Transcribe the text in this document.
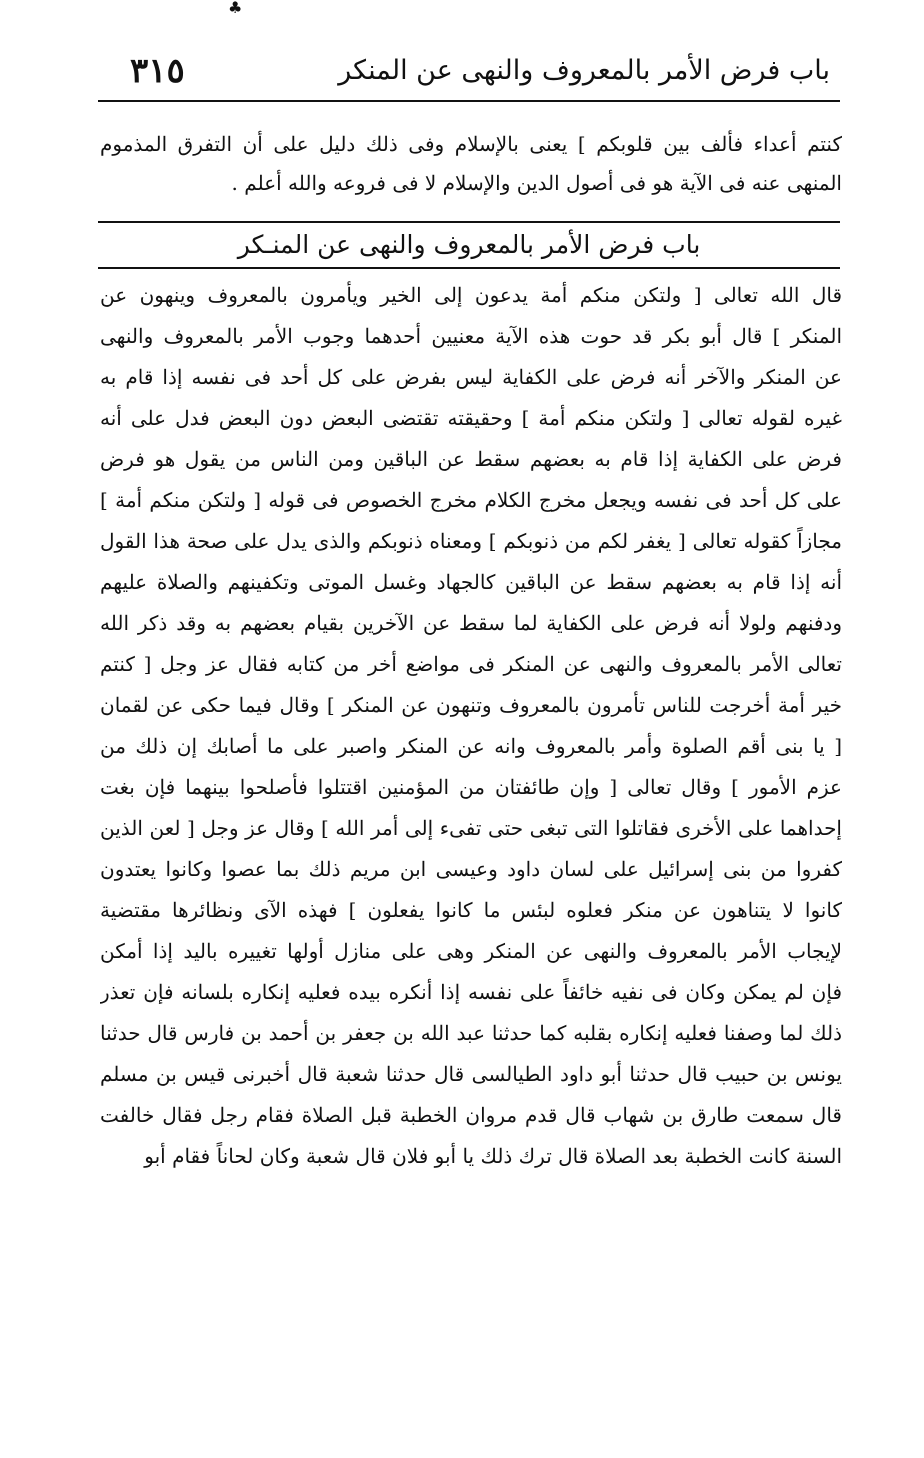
♣
باب فرض الأمر بالمعروف والنهى عن المنكر
٣١٥
كنتم أعداء فألف بين قلوبكم ] يعنى بالإسلام وفى ذلك دليل على أن التفرق المذموم
المنهى عنه فى الآية هو فى أصول الدين والإسلام لا فى فروعه والله أعلم .
باب فرض الأمر بالمعروف والنهى عن المنـكر
قال الله تعالى [ ولتكن منكم أمة يدعون إلى الخير ويأمرون بالمعروف وينهون عن
المنكر ] قال أبو بكر قد حوت هذه الآية معنيين أحدهما وجوب الأمر بالمعروف والنهى
عن المنكر والآخر أنه فرض على الكفاية ليس بفرض على كل أحد فى نفسه إذا قام به
غيره لقوله تعالى [ ولتكن منكم أمة ] وحقيقته تقتضى البعض دون البعض فدل على أنه
فرض على الكفاية إذا قام به بعضهم سقط عن الباقين ومن الناس من يقول هو فرض
على كل أحد فى نفسه ويجعل مخرج الكلام مخرج الخصوص فى قوله [ ولتكن منكم أمة ]
مجازاً كقوله تعالى [ يغفر لكم من ذنوبكم ] ومعناه ذنوبكم والذى يدل على صحة هذا القول
أنه إذا قام به بعضهم سقط عن الباقين كالجهاد وغسل الموتى وتكفينهم والصلاة عليهم
ودفنهم ولولا أنه فرض على الكفاية لما سقط عن الآخرين بقيام بعضهم به وقد ذكر الله
تعالى الأمر بالمعروف والنهى عن المنكر فى مواضع أخر من كتابه فقال عز وجل [ كنتم
خير أمة أخرجت للناس تأمرون بالمعروف وتنهون عن المنكر ] وقال فيما حكى عن لقمان
[ يا بنى أقم الصلوة وأمر بالمعروف وانه عن المنكر واصبر على ما أصابك إن ذلك من
عزم الأمور ] وقال تعالى [ وإن طائفتان من المؤمنين اقتتلوا فأصلحوا بينهما فإن بغت
إحداهما على الأخرى فقاتلوا التى تبغى حتى تفىء إلى أمر الله ] وقال عز وجل [ لعن الذين
كفروا من بنى إسرائيل على لسان داود وعيسى ابن مريم ذلك بما عصوا وكانوا يعتدون
كانوا لا يتناهون عن منكر فعلوه لبئس ما كانوا يفعلون ] فهذه الآى ونظائرها مقتضية
لإيجاب الأمر بالمعروف والنهى عن المنكر وهى على منازل أولها تغييره باليد إذا أمكن
فإن لم يمكن وكان فى نفيه خائفاً على نفسه إذا أنكره بيده فعليه إنكاره بلسانه فإن تعذر
ذلك لما وصفنا فعليه إنكاره بقلبه كما حدثنا عبد الله بن جعفر بن أحمد بن فارس قال حدثنا
يونس بن حبيب قال حدثنا أبو داود الطيالسى قال حدثنا شعبة قال أخبرنى قيس بن مسلم
قال سمعت طارق بن شهاب قال قدم مروان الخطبة قبل الصلاة فقام رجل فقال خالفت
السنة كانت الخطبة بعد الصلاة قال ترك ذلك يا أبو فلان قال شعبة وكان لحاناً فقام أبو
